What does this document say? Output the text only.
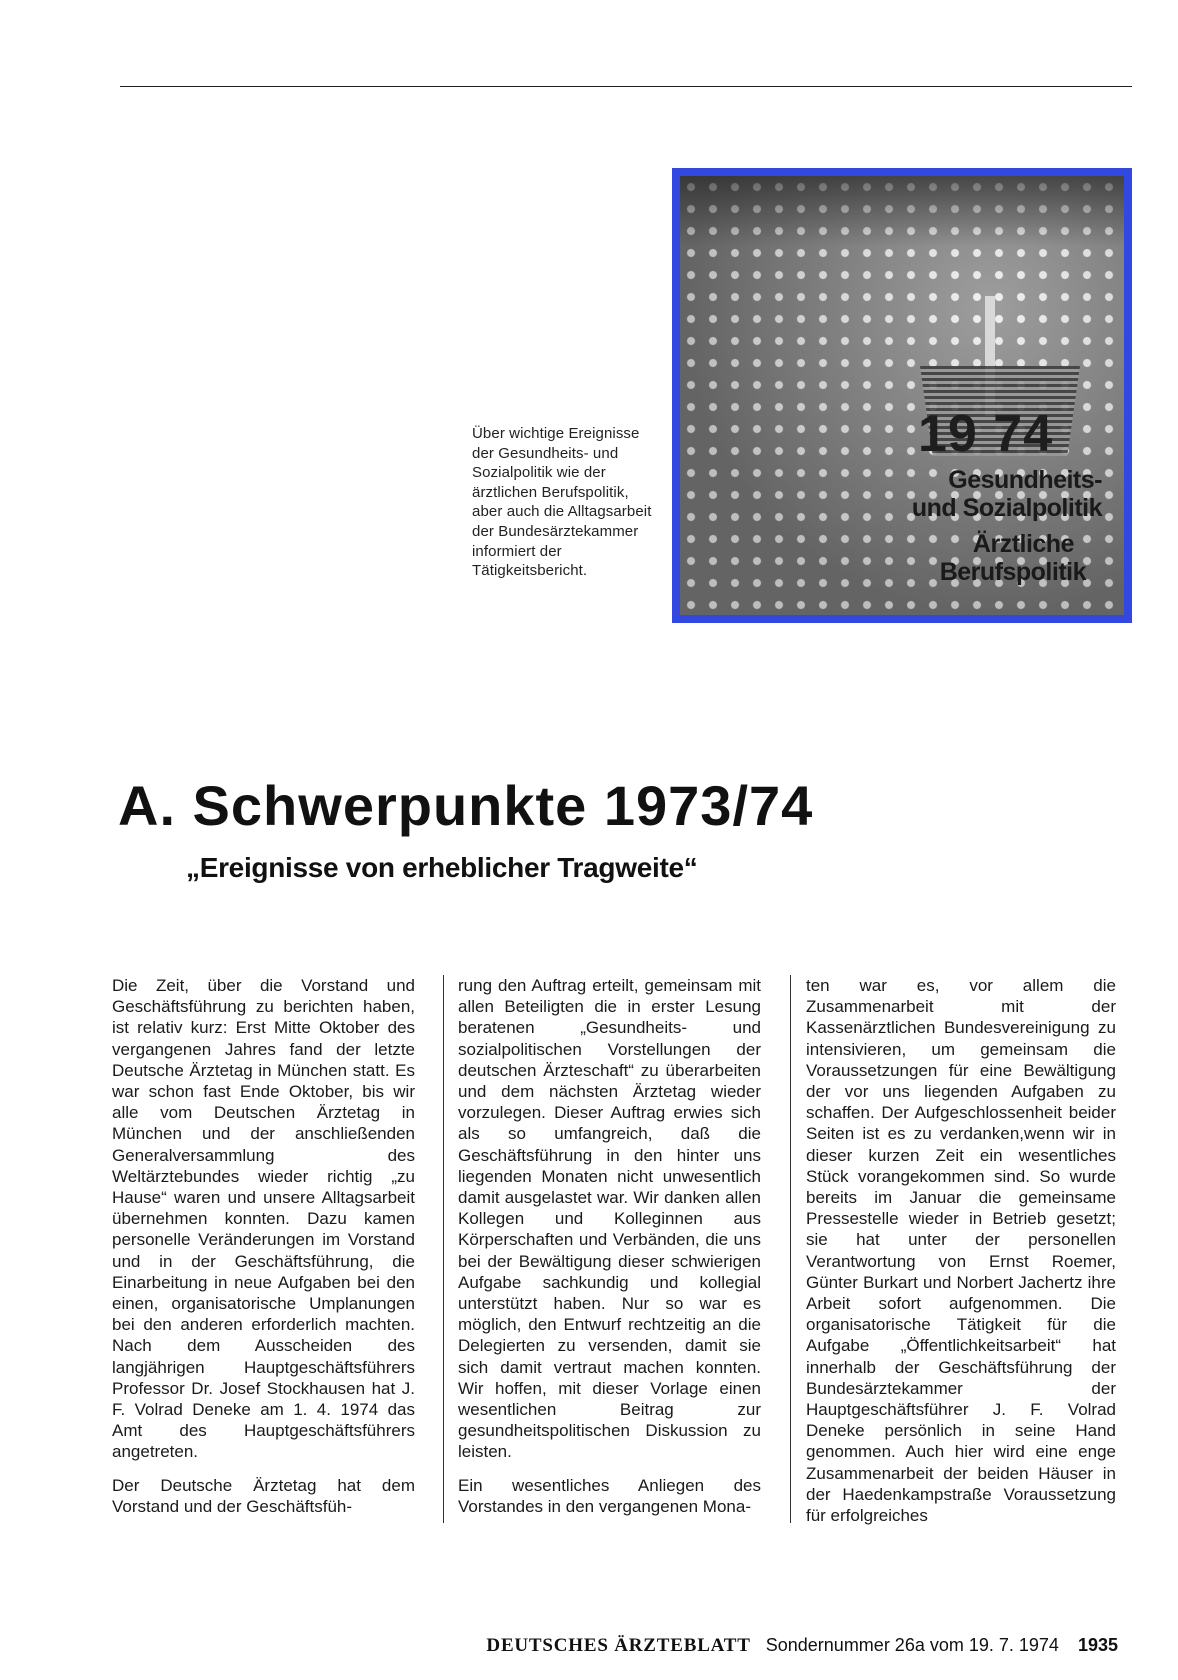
Über wichtige Ereignisse der Gesundheits- und Sozialpolitik wie der ärztlichen Berufspolitik, aber auch die Alltagsarbeit der Bundesärztekammer informiert der Tätigkeitsbericht.
19 74
Gesundheits-
und Sozialpolitik
Ärztliche
Berufspolitik
A. Schwerpunkte 1973/74
„Ereignisse von erheblicher Tragweite“

Die Zeit, über die Vorstand und Geschäftsführung zu berichten haben, ist relativ kurz: Erst Mitte Oktober des vergangenen Jahres fand der letzte Deutsche Ärztetag in München statt. Es war schon fast Ende Oktober, bis wir alle vom Deutschen Ärztetag in München und der anschließenden Generalversammlung des Weltärztebundes wieder richtig „zu Hause“ waren und unsere Alltagsarbeit übernehmen konnten. Dazu kamen personelle Veränderungen im Vorstand und in der Geschäftsführung, die Einarbeitung in neue Aufgaben bei den einen, organisatorische Umplanungen bei den anderen erforderlich machten. Nach dem Ausscheiden des langjährigen Hauptgeschäftsführers Professor Dr. Josef Stockhausen hat J. F. Volrad Deneke am 1. 4. 1974 das Amt des Hauptgeschäftsführers angetreten.

Der Deutsche Ärztetag hat dem Vorstand und der Geschäftsfüh-

rung den Auftrag erteilt, gemeinsam mit allen Beteiligten die in erster Lesung beratenen „Gesundheits- und sozialpolitischen Vorstellungen der deutschen Ärzteschaft“ zu überarbeiten und dem nächsten Ärztetag wieder vorzulegen. Dieser Auftrag erwies sich als so umfangreich, daß die Geschäftsführung in den hinter uns liegenden Monaten nicht unwesentlich damit ausgelastet war. Wir danken allen Kollegen und Kolleginnen aus Körperschaften und Verbänden, die uns bei der Bewältigung dieser schwierigen Aufgabe sachkundig und kollegial unterstützt haben. Nur so war es möglich, den Entwurf rechtzeitig an die Delegierten zu versenden, damit sie sich damit vertraut machen konnten. Wir hoffen, mit dieser Vorlage einen wesentlichen Beitrag zur gesundheitspolitischen Diskussion zu leisten.

Ein wesentliches Anliegen des Vorstandes in den vergangenen Mona-

ten war es, vor allem die Zusammenarbeit mit der Kassenärztlichen Bundesvereinigung zu intensivieren, um gemeinsam die Voraussetzungen für eine Bewältigung der vor uns liegenden Aufgaben zu schaffen. Der Aufgeschlossenheit beider Seiten ist es zu verdanken,wenn wir in dieser kurzen Zeit ein wesentliches Stück vorangekommen sind. So wurde bereits im Januar die gemeinsame Pressestelle wieder in Betrieb gesetzt; sie hat unter der personellen Verantwortung von Ernst Roemer, Günter Burkart und Norbert Jachertz ihre Arbeit sofort aufgenommen. Die organisatorische Tätigkeit für die Aufgabe „Öffentlichkeitsarbeit“ hat innerhalb der Geschäftsführung der Bundesärztekammer der Hauptgeschäftsführer J. F. Volrad Deneke persönlich in seine Hand genommen. Auch hier wird eine enge Zusammenarbeit der beiden Häuser in der Haedenkampstraße Voraussetzung für erfolgreiches

DEUTSCHES ÄRZTEBLATT Sondernummer 26a vom 19. 7. 1974 1935
